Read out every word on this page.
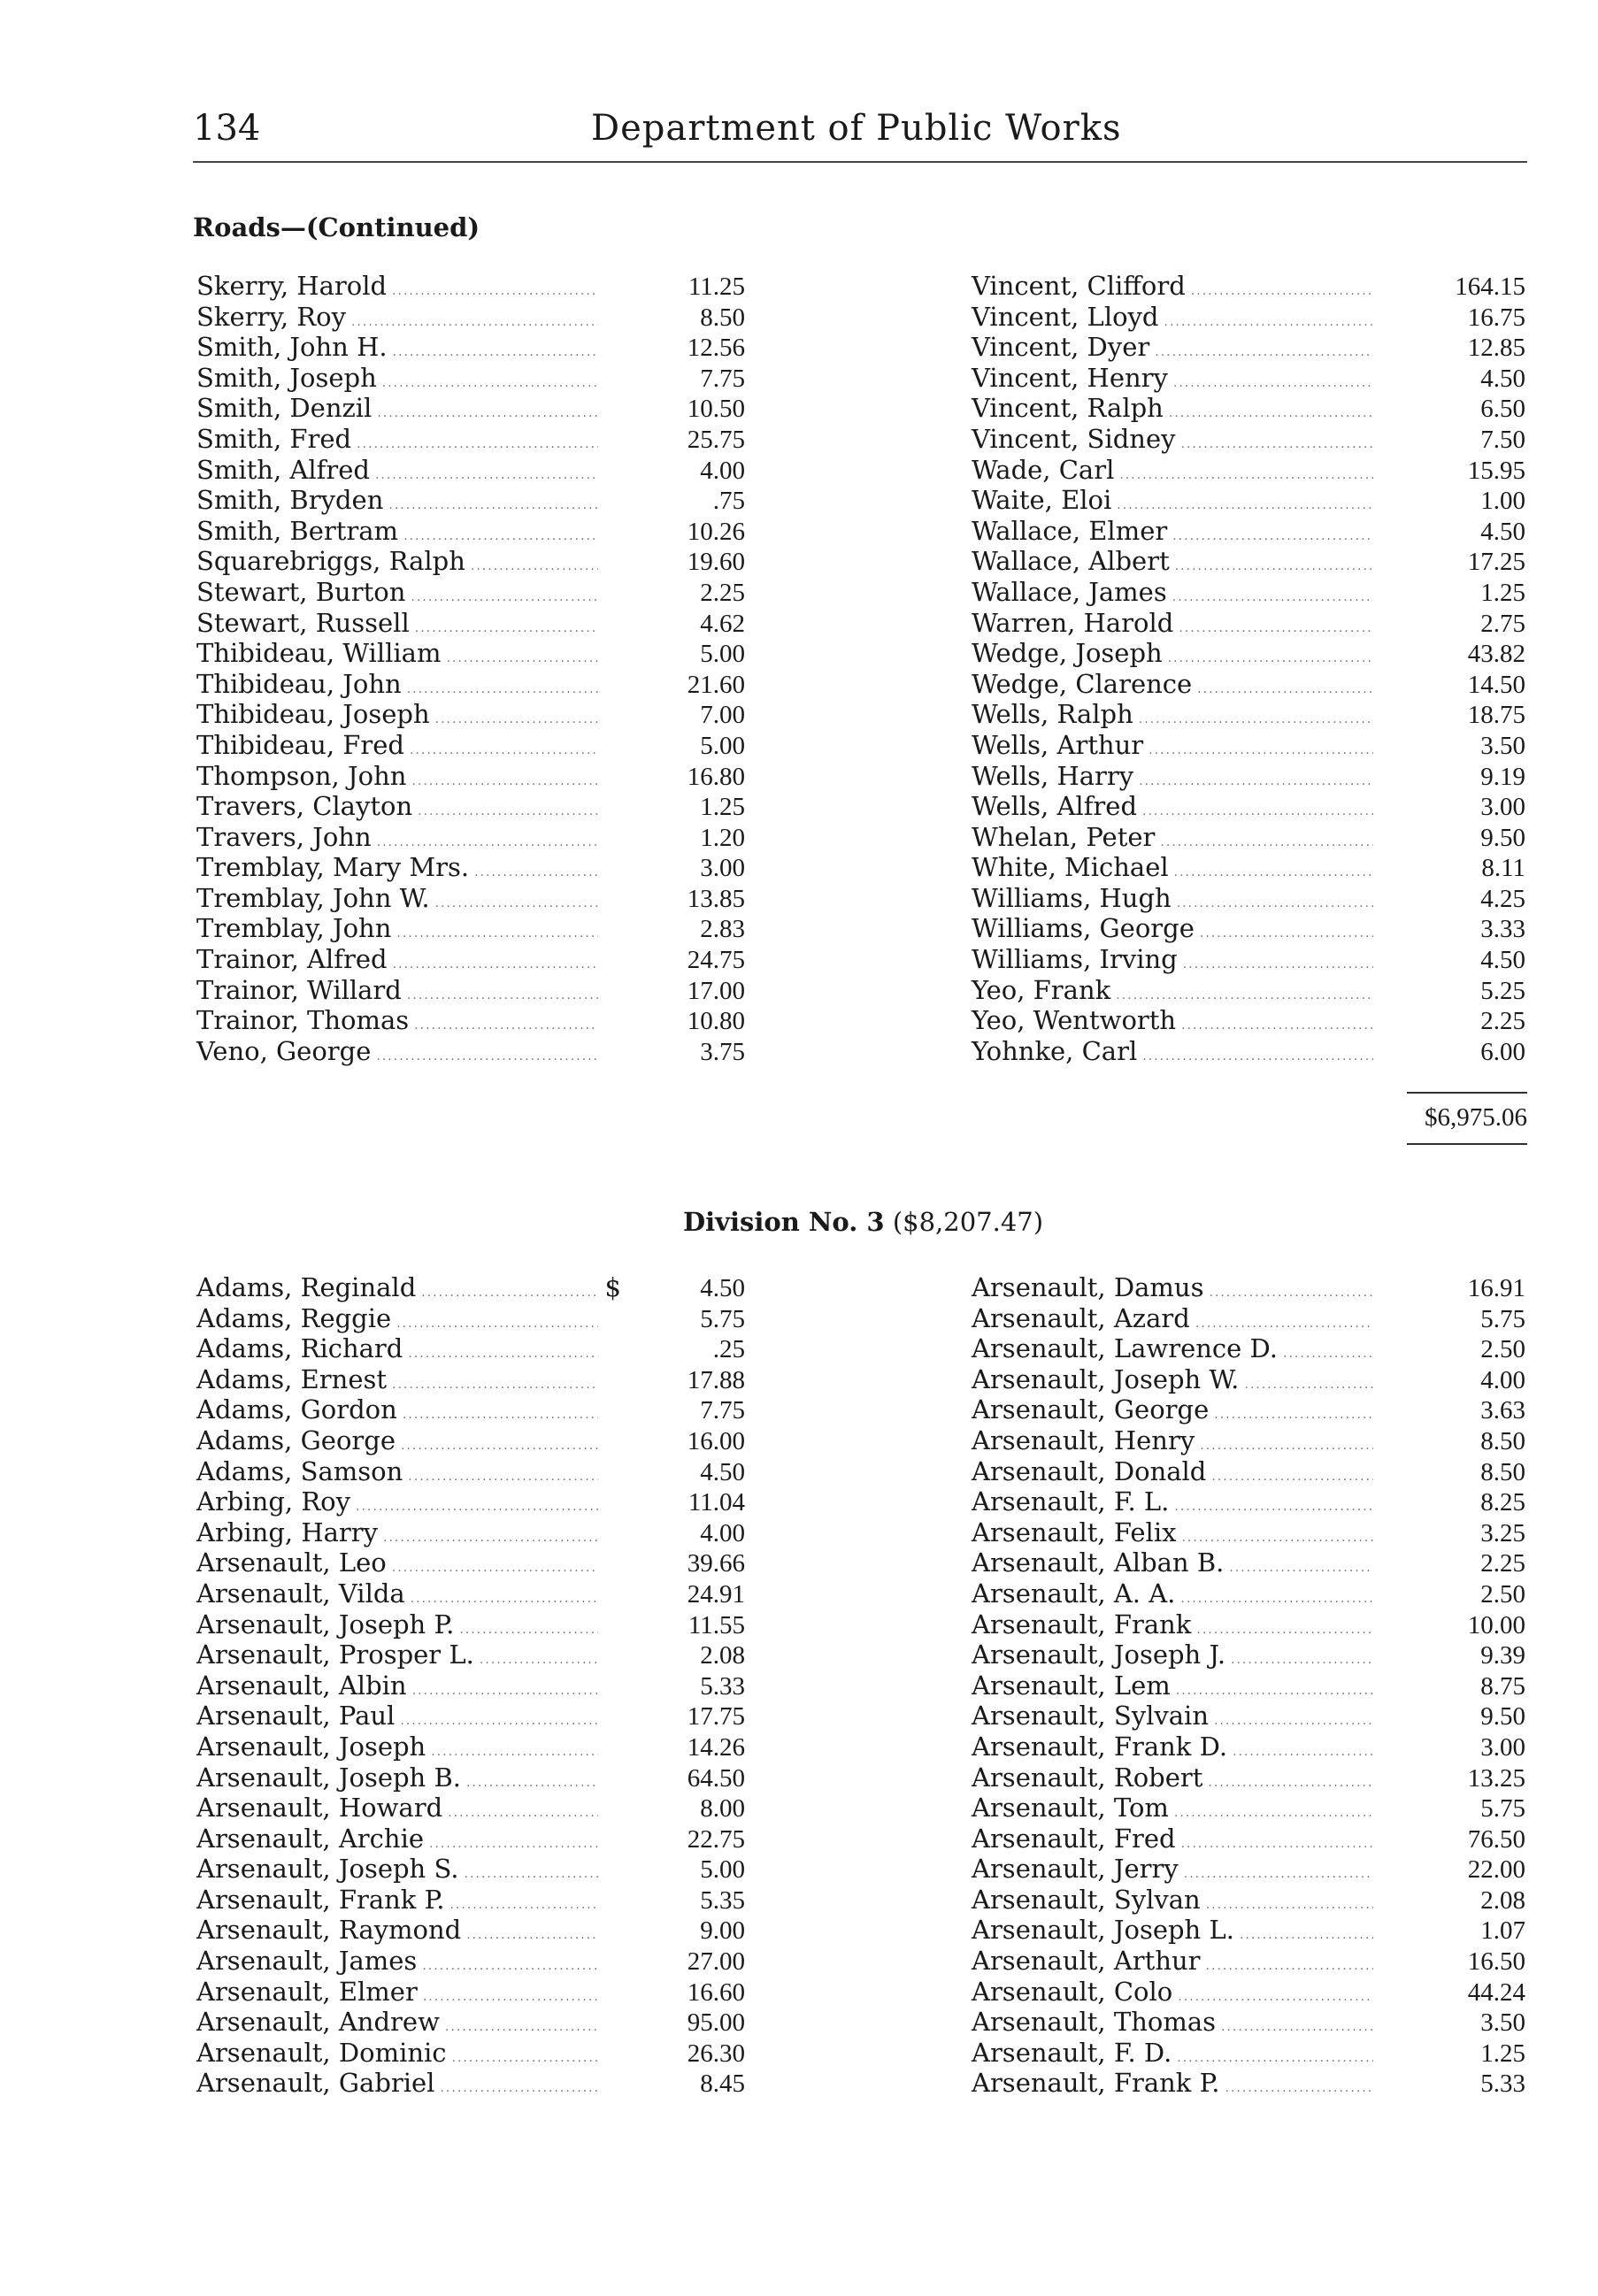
134	Department of Public Works
Roads—(Continued)
Skerry, Harold .....	11.25
Skerry, Roy .....	8.50
Smith, John H. .....	12.56
Smith, Joseph .....	7.75
Smith, Denzil .....	10.50
Smith, Fred .....	25.75
Smith, Alfred .....	4.00
Smith, Bryden .....	.75
Smith, Bertram .....	10.26
Squarebriggs, Ralph .....	19.60
Stewart, Burton .....	2.25
Stewart, Russell .....	4.62
Thibideau, William .....	5.00
Thibideau, John .....	21.60
Thibideau, Joseph .....	7.00
Thibideau, Fred .....	5.00
Thompson, John .....	16.80
Travers, Clayton .....	1.25
Travers, John .....	1.20
Tremblay, Mary Mrs. .....	3.00
Tremblay, John W. .....	13.85
Tremblay, John .....	2.83
Trainor, Alfred .....	24.75
Trainor, Willard .....	17.00
Trainor, Thomas .....	10.80
Veno, George .....	3.75
Vincent, Clifford .....	164.15
Vincent, Lloyd .....	16.75
Vincent, Dyer .....	12.85
Vincent, Henry .....	4.50
Vincent, Ralph .....	6.50
Vincent, Sidney .....	7.50
Wade, Carl .....	15.95
Waite, Eloi .....	1.00
Wallace, Elmer .....	4.50
Wallace, Albert .....	17.25
Wallace, James .....	1.25
Warren, Harold .....	2.75
Wedge, Joseph .....	43.82
Wedge, Clarence .....	14.50
Wells, Ralph .....	18.75
Wells, Arthur .....	3.50
Wells, Harry .....	9.19
Wells, Alfred .....	3.00
Whelan, Peter .....	9.50
White, Michael .....	8.11
Williams, Hugh .....	4.25
Williams, George .....	3.33
Williams, Irving .....	4.50
Yeo, Frank .....	5.25
Yeo, Wentworth .....	2.25
Yohnke, Carl .....	6.00
$6,975.06
Division No. 3 ($8,207.47)
Adams, Reginald .....	$	4.50
Adams, Reggie .....	5.75
Adams, Richard .....	.25
Adams, Ernest .....	17.88
Adams, Gordon .....	7.75
Adams, George .....	16.00
Adams, Samson .....	4.50
Arbing, Roy .....	11.04
Arbing, Harry .....	4.00
Arsenault, Leo .....	39.66
Arsenault, Vilda .....	24.91
Arsenault, Joseph P. .....	11.55
Arsenault, Prosper L. .....	2.08
Arsenault, Albin .....	5.33
Arsenault, Paul .....	17.75
Arsenault, Joseph .....	14.26
Arsenault, Joseph B. .....	64.50
Arsenault, Howard .....	8.00
Arsenault, Archie .....	22.75
Arsenault, Joseph S. .....	5.00
Arsenault, Frank P. .....	5.35
Arsenault, Raymond .....	9.00
Arsenault, James .....	27.00
Arsenault, Elmer .....	16.60
Arsenault, Andrew .....	95.00
Arsenault, Dominic .....	26.30
Arsenault, Gabriel .....	8.45
Arsenault, Damus .....	16.91
Arsenault, Azard .....	5.75
Arsenault, Lawrence D. .....	2.50
Arsenault, Joseph W. .....	4.00
Arsenault, George .....	3.63
Arsenault, Henry .....	8.50
Arsenault, Donald .....	8.50
Arsenault, F. L. .....	8.25
Arsenault, Felix .....	3.25
Arsenault, Alban B. .....	2.25
Arsenault, A. A. .....	2.50
Arsenault, Frank .....	10.00
Arsenault, Joseph J. .....	9.39
Arsenault, Lem .....	8.75
Arsenault, Sylvain .....	9.50
Arsenault, Frank D. .....	3.00
Arsenault, Robert .....	13.25
Arsenault, Tom .....	5.75
Arsenault, Fred .....	76.50
Arsenault, Jerry .....	22.00
Arsenault, Sylvan .....	2.08
Arsenault, Joseph L. .....	1.07
Arsenault, Arthur .....	16.50
Arsenault, Colo .....	44.24
Arsenault, Thomas .....	3.50
Arsenault, F. D. .....	1.25
Arsenault, Frank P. .....	5.33
